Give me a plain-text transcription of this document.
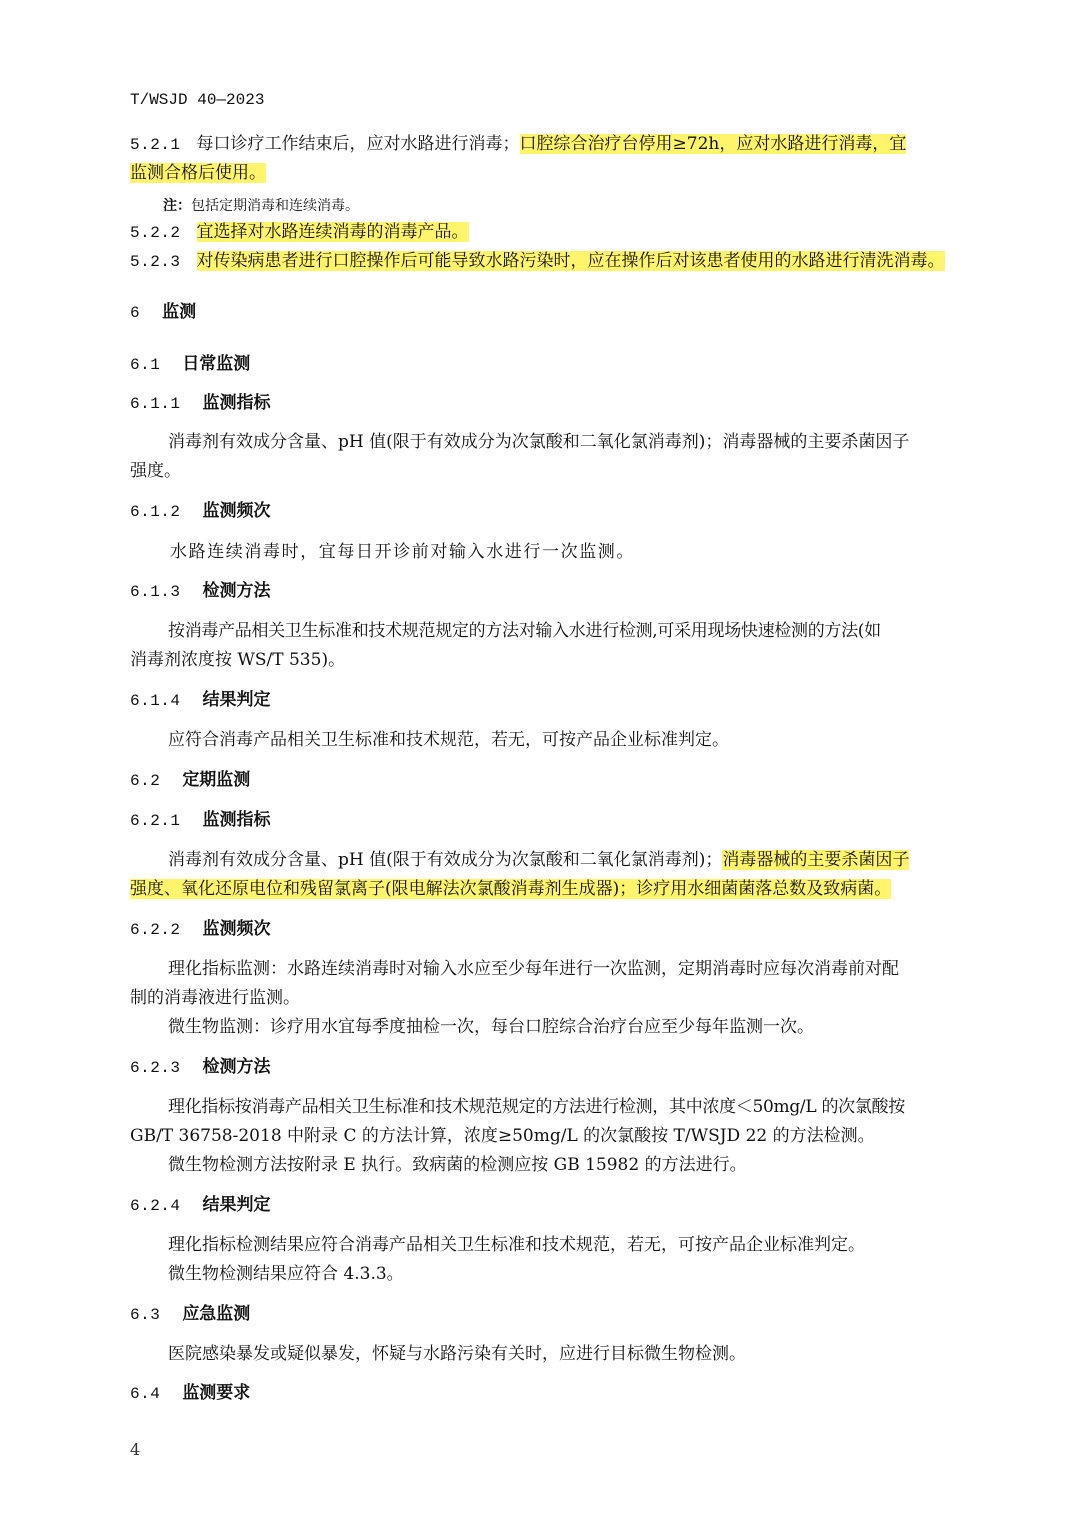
T/WSJD 40—2023
5.2.1 每口诊疗工作结束后，应对水路进行消毒；口腔综合治疗台停用≥72h，应对水路进行消毒，宜
监测合格后使用。
注：包括定期消毒和连续消毒。
5.2.2 宜选择对水路连续消毒的消毒产品。
5.2.3 对传染病患者进行口腔操作后可能导致水路污染时，应在操作后对该患者使用的水路进行清洗消毒。
6 监测
6.1 日常监测
6.1.1 监测指标
消毒剂有效成分含量、pH 值(限于有效成分为次氯酸和二氧化氯消毒剂)；消毒器械的主要杀菌因子
强度。
6.1.2 监测频次
水路连续消毒时，宜每日开诊前对输入水进行一次监测。
6.1.3 检测方法
按消毒产品相关卫生标准和技术规范规定的方法对输入水进行检测,可采用现场快速检测的方法(如
消毒剂浓度按 WS/T 535)。
6.1.4 结果判定
应符合消毒产品相关卫生标准和技术规范，若无，可按产品企业标准判定。
6.2 定期监测
6.2.1 监测指标
消毒剂有效成分含量、pH 值(限于有效成分为次氯酸和二氧化氯消毒剂)；消毒器械的主要杀菌因子
强度、氧化还原电位和残留氯离子(限电解法次氯酸消毒剂生成器)；诊疗用水细菌菌落总数及致病菌。
6.2.2 监测频次
理化指标监测：水路连续消毒时对输入水应至少每年进行一次监测，定期消毒时应每次消毒前对配
制的消毒液进行监测。
微生物监测：诊疗用水宜每季度抽检一次，每台口腔综合治疗台应至少每年监测一次。
6.2.3 检测方法
理化指标按消毒产品相关卫生标准和技术规范规定的方法进行检测，其中浓度＜50mg/L 的次氯酸按
GB/T 36758-2018 中附录 C 的方法计算，浓度≥50mg/L 的次氯酸按 T/WSJD 22 的方法检测。
微生物检测方法按附录 E 执行。致病菌的检测应按 GB 15982 的方法进行。
6.2.4 结果判定
理化指标检测结果应符合消毒产品相关卫生标准和技术规范，若无，可按产品企业标准判定。
微生物检测结果应符合 4.3.3。
6.3 应急监测
医院感染暴发或疑似暴发，怀疑与水路污染有关时，应进行目标微生物检测。
6.4 监测要求
4
